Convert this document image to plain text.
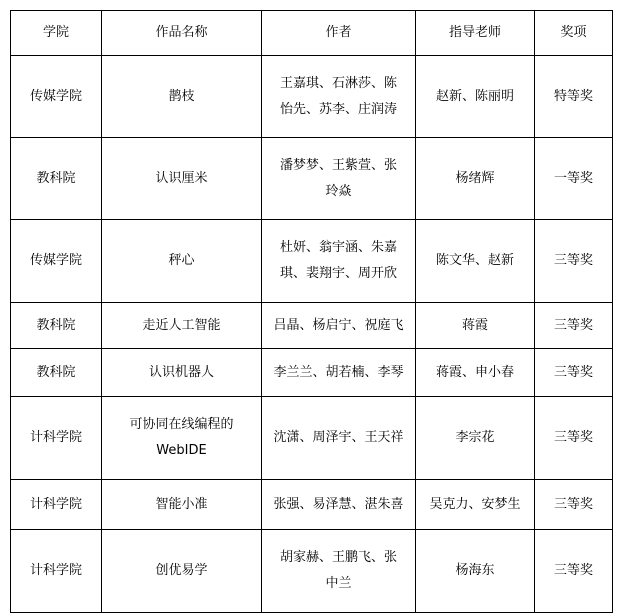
学院	作品名称	作者	指导老师	奖项
传媒学院	鹊枝	王嘉琪、石淋莎、陈怡先、苏李、庄润涛	赵新、陈丽明	特等奖
教科院	认识厘米	潘梦梦、王紫萱、张玲焱	杨绪辉	一等奖
传媒学院	秤心	杜妍、翁宇涵、朱嘉琪、裴翔宇、周开欣	陈文华、赵新	三等奖
教科院	走近人工智能	吕晶、杨启宁、祝庭飞	蒋霞	三等奖
教科院	认识机器人	李兰兰、胡若楠、李琴	蒋霞、申小春	三等奖
计科学院	可协同在线编程的WebIDE	沈潇、周泽宇、王天祥	李宗花	三等奖
计科学院	智能小准	张强、易泽慧、湛朱喜	吴克力、安梦生	三等奖
计科学院	创优易学	胡家赫、王鹏飞、张中兰	杨海东	三等奖
